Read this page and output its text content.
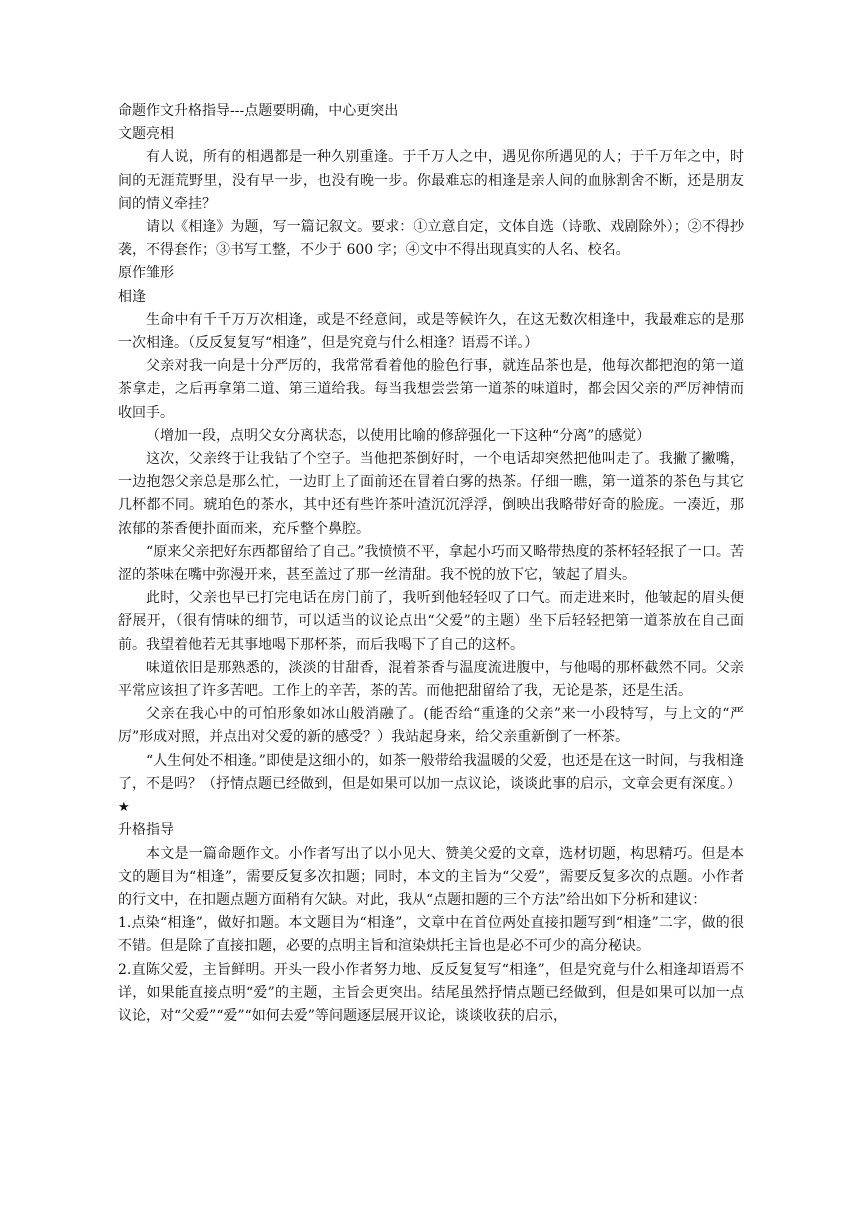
命题作文升格指导---点题要明确，中心更突出

文题亮相

有人说，所有的相遇都是一种久别重逢。于千万人之中，遇见你所遇见的人；于千万年之中，时间的无涯荒野里，没有早一步，也没有晚一步。你最难忘的相逢是亲人间的血脉割舍不断，还是朋友间的情义牵挂？

请以《相逢》为题，写一篇记叙文。要求：①立意自定，文体自选（诗歌、戏剧除外）；②不得抄袭，不得套作；③书写工整，不少于 600 字；④文中不得出现真实的人名、校名。

原作雏形

相逢

生命中有千千万万次相逢，或是不经意间，或是等候许久，在这无数次相逢中，我最难忘的是那一次相逢。（反反复复写“相逢”，但是究竟与什么相逢？语焉不详。）

父亲对我一向是十分严厉的，我常常看着他的脸色行事，就连品茶也是，他每次都把泡的第一道茶拿走，之后再拿第二道、第三道给我。每当我想尝尝第一道茶的味道时，都会因父亲的严厉神情而收回手。

（增加一段，点明父女分离状态，以使用比喻的修辞强化一下这种“分离”的感觉）

这次，父亲终于让我钻了个空子。当他把茶倒好时，一个电话却突然把他叫走了。我撇了撇嘴，一边抱怨父亲总是那么忙，一边盯上了面前还在冒着白雾的热茶。仔细一瞧，第一道茶的茶色与其它几杯都不同。琥珀色的茶水，其中还有些许茶叶渣沉沉浮浮，倒映出我略带好奇的脸庞。一凑近，那浓郁的茶香便扑面而来，充斥整个鼻腔。

“原来父亲把好东西都留给了自己。”我愤愤不平，拿起小巧而又略带热度的茶杯轻轻抿了一口。苦涩的茶味在嘴中弥漫开来，甚至盖过了那一丝清甜。我不悦的放下它，皱起了眉头。

此时，父亲也早已打完电话在房门前了，我听到他轻轻叹了口气。而走进来时，他皱起的眉头便舒展开，（很有情味的细节，可以适当的议论点出“父爱”的主题）坐下后轻轻把第一道茶放在自己面前。我望着他若无其事地喝下那杯茶，而后我喝下了自己的这杯。

味道依旧是那熟悉的，淡淡的甘甜香，混着茶香与温度流进腹中，与他喝的那杯截然不同。父亲平常应该担了许多苦吧。工作上的辛苦，茶的苦。而他把甜留给了我，无论是茶，还是生活。

父亲在我心中的可怕形象如冰山般消融了。(能否给“重逢的父亲”来一小段特写，与上文的“严厉”形成对照，并点出对父爱的新的感受？）我站起身来，给父亲重新倒了一杯茶。

“人生何处不相逢。”即使是这细小的，如茶一般带给我温暖的父爱，也还是在这一时间，与我相逢了，不是吗？（抒情点题已经做到，但是如果可以加一点议论，谈谈此事的启示，文章会更有深度。）

★

升格指导

本文是一篇命题作文。小作者写出了以小见大、赞美父爱的文章，选材切题，构思精巧。但是本文的题目为“相逢”，需要反复多次扣题；同时，本文的主旨为“父爱”，需要反复多次的点题。小作者的行文中，在扣题点题方面稍有欠缺。对此，我从“点题扣题的三个方法”给出如下分析和建议：

1.点染“相逢”，做好扣题。本文题目为“相逢”，文章中在首位两处直接扣题写到“相逢”二字，做的很不错。但是除了直接扣题，必要的点明主旨和渲染烘托主旨也是必不可少的高分秘诀。

2.直陈父爱，主旨鲜明。开头一段小作者努力地、反反复复写“相逢”，但是究竟与什么相逢却语焉不详，如果能直接点明“爱”的主题，主旨会更突出。结尾虽然抒情点题已经做到，但是如果可以加一点议论，对“父爱”“爱”“如何去爱”等问题逐层展开议论，谈谈收获的启示，
